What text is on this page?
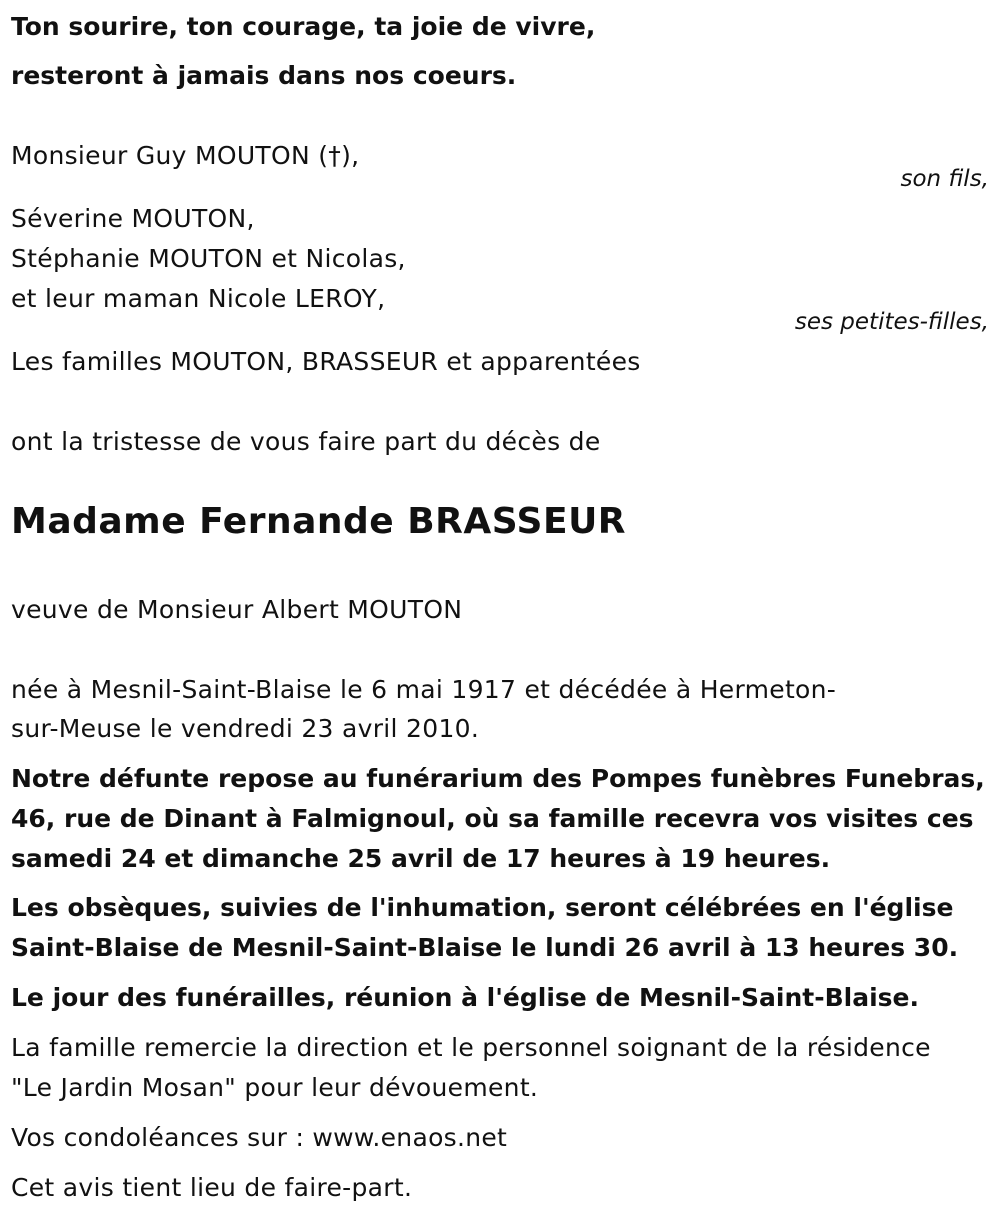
Ton sourire, ton courage, ta joie de vivre,
resteront à jamais dans nos coeurs.
Monsieur Guy MOUTON (†),
son fils,
Séverine MOUTON,
Stéphanie MOUTON et Nicolas,
et leur maman Nicole LEROY,
ses petites-filles,
Les familles MOUTON, BRASSEUR et apparentées
ont la tristesse de vous faire part du décès de
Madame Fernande BRASSEUR
veuve de Monsieur Albert MOUTON
née à Mesnil-Saint-Blaise le 6 mai 1917 et décédée à Hermeton-
sur-Meuse le vendredi 23 avril 2010.
Notre défunte repose au funérarium des Pompes funèbres Funebras,
46, rue de Dinant à Falmignoul, où sa famille recevra vos visites ces
samedi 24 et dimanche 25 avril de 17 heures à 19 heures.
Les obsèques, suivies de l'inhumation, seront célébrées en l'église
Saint-Blaise de Mesnil-Saint-Blaise le lundi 26 avril à 13 heures 30.
Le jour des funérailles, réunion à l'église de Mesnil-Saint-Blaise.
La famille remercie la direction et le personnel soignant de la résidence
"Le Jardin Mosan" pour leur dévouement.
Vos condoléances sur : www.enaos.net
Cet avis tient lieu de faire-part.
